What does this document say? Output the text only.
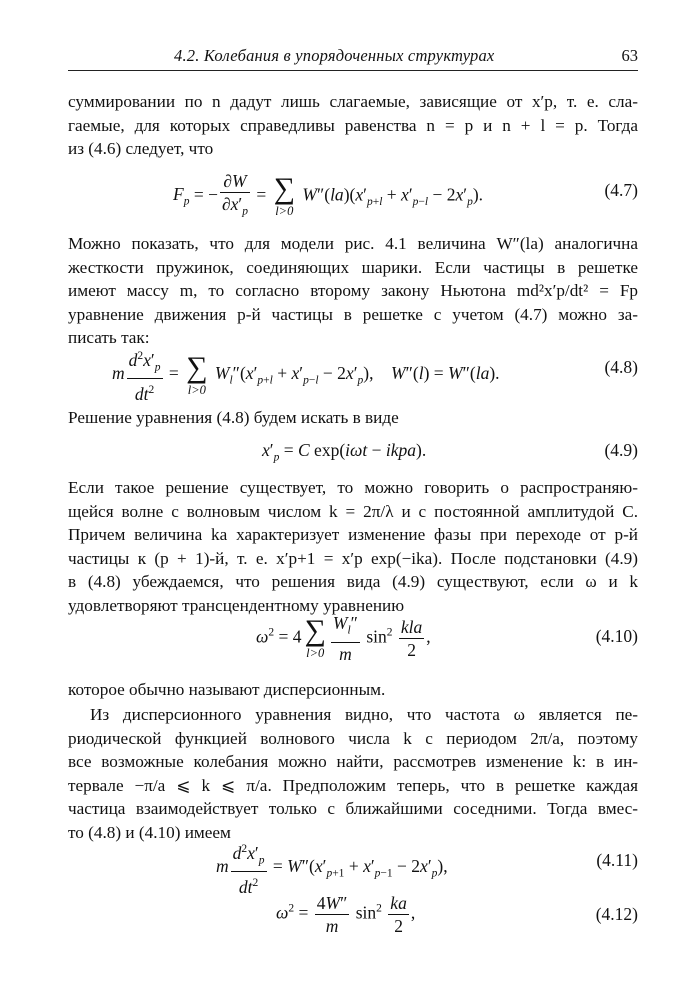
4.2. Колебания в упорядоченных структурах	63

суммировании по n дадут лишь слагаемые, зависящие от x′p, т. е. сла-
гаемые, для которых справедливы равенства n = p и n + l = p. Тогда
из (4.6) следует, что

$F_p$ = − $\frac{\partial W}{\partial x'_p}$ = ∑
l>0
$W''(la)(x'_{p+l} + x'_{p-l} - 2x'_p)$.	(4.7)

Можно показать, что для модели рис. 4.1 величина W″(la) аналогична
жесткости пружинок, соединяющих шарики. Если частицы в решетке
имеют массу m, то согласно второму закону Ньютона md²x′p/dt² = Fp
уравнение движения p-й частицы в решетке с учетом (4.7) можно за-
писать так:

m $\frac{d^2x'_p}{dt^2}$ = ∑
l>0
$W_l''(x'_{p+l} + x'_{p-l} - 2x'_p)$,    W″(l) = W″(la).	(4.8)

Решение уравнения (4.8) будем искать в виде

$x'_p = C$ exp(iωt − ikpa).	(4.9)

Если такое решение существует, то можно говорить о распространяю-
щейся волне с волновым числом k = 2π/λ и с постоянной амплитудой C.
Причем величина ka характеризует изменение фазы при переходе от p-й
частицы к (p + 1)-й, т. е. x′p+1 = x′p exp(−ika). После подстановки (4.9)
в (4.8) убеждаемся, что решения вида (4.9) существуют, если ω и k
удовлетворяют трансцендентному уравнению

$\omega^2 = 4$ ∑
$l>0 \frac{W_l''}{m} \sin^2 \frac{\text{kla}}{2}$ ,	(4.10)

которое обычно называют дисперсионным.

Из дисперсионного уравнения видно, что частота ω является пе-
риодической функцией волнового числа k с периодом 2π/a, поэтому
все возможные колебания можно найти, рассмотрев изменение k: в ин-
тервале −π/a ⩽ k ⩽ π/a. Предположим теперь, что в решетке каждая
частица взаимодействует только с ближайшими соседними. Тогда вмес-
то (4.8) и (4.10) имеем

m $\frac{d^2x'_p}{dt^2} = W''(x'_{p+1} + x'_{p-1} - 2x'_p)$,	(4.11)
$\omega^2 = \frac{4W''}{m} \sin^2 \frac{ka}{2}$ ,	(4.12)
